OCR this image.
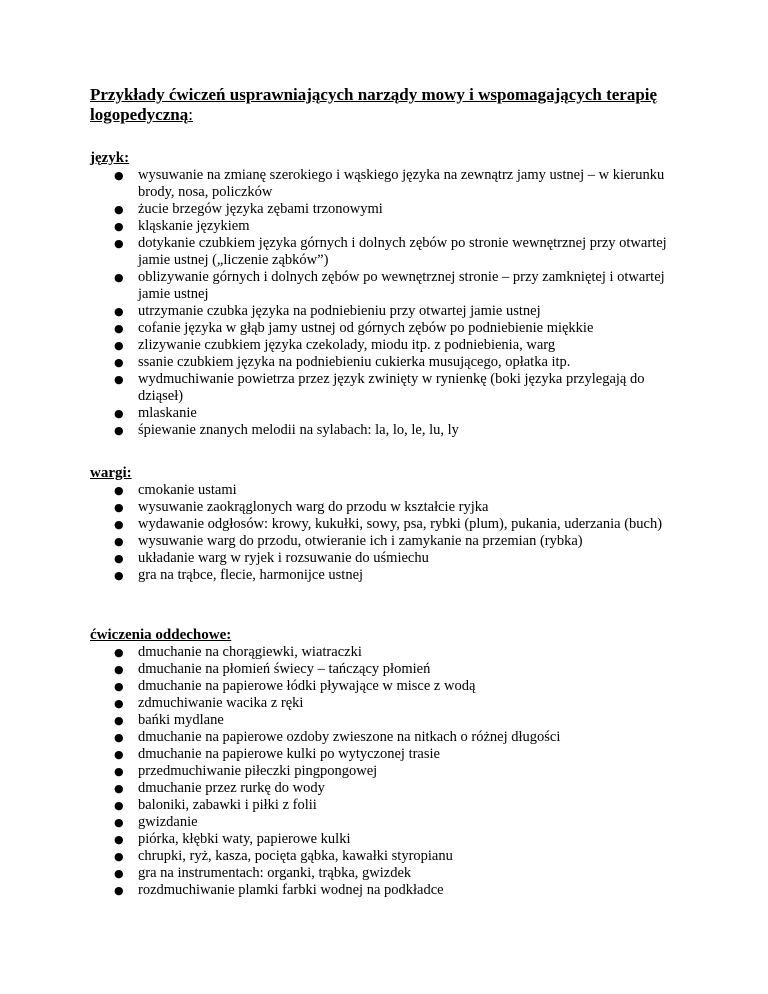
Przykłady ćwiczeń usprawniających narządy mowy i wspomagających terapię logopedyczną:
język:
● wysuwanie na zmianę szerokiego i wąskiego języka na zewnątrz jamy ustnej – w kierunku brody, nosa, policzków
● żucie brzegów języka zębami trzonowymi
● kląskanie językiem
● dotykanie czubkiem języka górnych i dolnych zębów po stronie wewnętrznej przy otwartej jamie ustnej („liczenie ząbków”)
● oblizywanie górnych i dolnych zębów po wewnętrznej stronie – przy zamkniętej i otwartej jamie ustnej
● utrzymanie czubka języka na podniebieniu przy otwartej jamie ustnej
● cofanie języka w głąb jamy ustnej od górnych zębów po podniebienie miękkie
● zlizywanie czubkiem języka czekolady, miodu itp. z podniebienia, warg
● ssanie czubkiem języka na podniebieniu cukierka musującego, opłatka itp.
● wydmuchiwanie powietrza przez język zwinięty w rynienkę (boki języka przylegają do dziąseł)
● mlaskanie
● śpiewanie znanych melodii na sylabach: la, lo, le, lu, ly
wargi:
● cmokanie ustami
● wysuwanie zaokrąglonych warg do przodu w kształcie ryjka
● wydawanie odgłosów: krowy, kukułki, sowy, psa, rybki (plum), pukania, uderzania (buch)
● wysuwanie warg do przodu, otwieranie ich i zamykanie na przemian (rybka)
● układanie warg w ryjek i rozsuwanie do uśmiechu
● gra na trąbce, flecie, harmonijce ustnej
ćwiczenia oddechowe:
● dmuchanie na chorągiewki, wiatraczki
● dmuchanie na płomień świecy – tańczący płomień
● dmuchanie na papierowe łódki pływające w misce z wodą
● zdmuchiwanie wacika z ręki
● bańki mydlane
● dmuchanie na papierowe ozdoby zwieszone na nitkach o różnej długości
● dmuchanie na papierowe kulki po wytyczonej trasie
● przedmuchiwanie piłeczki pingpongowej
● dmuchanie przez rurkę do wody
● baloniki, zabawki i piłki z folii
● gwizdanie
● piórka, kłębki waty, papierowe kulki
● chrupki, ryż, kasza, pocięta gąbka, kawałki styropianu
● gra na instrumentach: organki, trąbka, gwizdek
● rozdmuchiwanie plamki farbki wodnej na podkładce
